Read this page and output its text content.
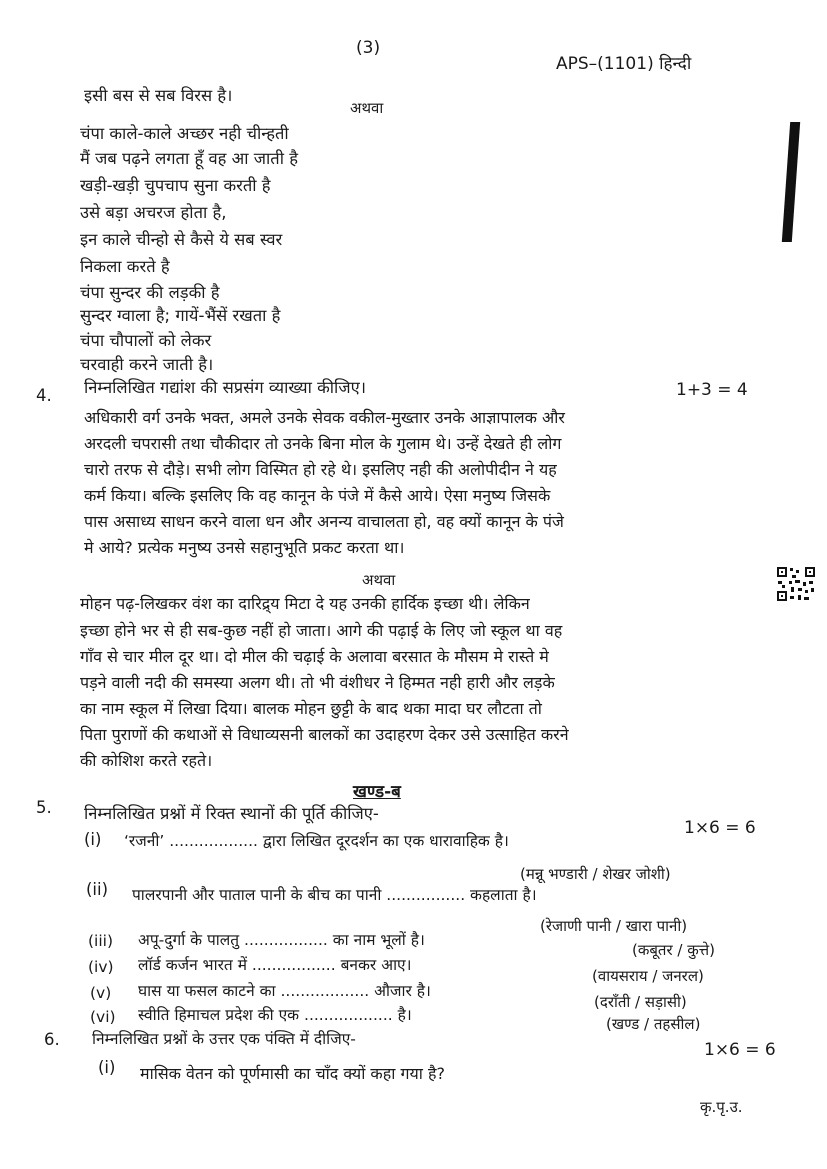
(3)
APS–(1101) हिन्दी
इसी बस से सब विरस है।
अथवा
चंपा काले-काले अच्छर नही चीन्हती
मैं जब पढ़ने लगता हूँ वह आ जाती है
खड़ी-खड़ी चुपचाप सुना करती है
उसे बड़ा अचरज होता है,
इन काले चीन्हो से कैसे ये सब स्वर
निकला करते है
चंपा सुन्दर की लड़की है
सुन्दर ग्वाला है; गायें-भैंसें रखता है
चंपा चौपालों को लेकर
चरवाही करने जाती है।
4. निम्नलिखित गद्यांश की सप्रसंग व्याख्या कीजिए।	1+3 = 4
अधिकारी वर्ग उनके भक्त, अमले उनके सेवक वकील-मुख्तार उनके आज्ञापालक और
अरदली चपरासी तथा चौकीदार तो उनके बिना मोल के गुलाम थे। उन्हें देखते ही लोग
चारो तरफ से दौड़े। सभी लोग विस्मित हो रहे थे। इसलिए नही की अलोपीदीन ने यह
कर्म किया। बल्कि इसलिए कि वह कानून के पंजे में कैसे आये। ऐसा मनुष्य जिसके
पास असाध्य साधन करने वाला धन और अनन्य वाचालता हो, वह क्यों कानून के पंजे
मे आये? प्रत्येक मनुष्य उनसे सहानुभूति प्रकट करता था।
अथवा
मोहन पढ़-लिखकर वंश का दारिद्र्य मिटा दे यह उनकी हार्दिक इच्छा थी। लेकिन
इच्छा होने भर से ही सब-कुछ नहीं हो जाता। आगे की पढ़ाई के लिए जो स्कूल था वह
गाँव से चार मील दूर था। दो मील की चढ़ाई के अलावा बरसात के मौसम मे रास्ते मे
पड़ने वाली नदी की समस्या अलग थी। तो भी वंशीधर ने हिम्मत नही हारी और लड़के
का नाम स्कूल में लिखा दिया। बालक मोहन छुट्टी के बाद थका मादा घर लौटता तो
पिता पुराणों की कथाओं से विधाव्यसनी बालकों का उदाहरण देकर उसे उत्साहित करने
की कोशिश करते रहते।
खण्ड-ब
5. निम्नलिखित प्रश्नों में रिक्त स्थानों की पूर्ति कीजिए-
1×6 = 6
(i) ‘रजनी’ .................. द्वारा लिखित दूरदर्शन का एक धारावाहिक है।
(मन्नू भण्डारी / शेखर जोशी)
(ii) पालरपानी और पाताल पानी के बीच का पानी ................ कहलाता है।
(रेजाणी पानी / खारा पानी)
(iii) अपू-दुर्गा के पालतु ................. का नाम भूलों है।
(कबूतर / कुत्ते)
(iv) लॉर्ड कर्जन भारत में ................. बनकर आए।
(वायसराय / जनरल)
(v) घास या फसल काटने का .................. औजार है।
(दराँती / सड़ासी)
(vi) स्वीति हिमाचल प्रदेश की एक .................. है।	(खण्ड / तहसील)
6. निम्नलिखित प्रश्नों के उत्तर एक पंक्ति में दीजिए-
1×6 = 6
(i) मासिक वेतन को पूर्णमासी का चाँद क्यों कहा गया है?
कृ.पृ.उ.
